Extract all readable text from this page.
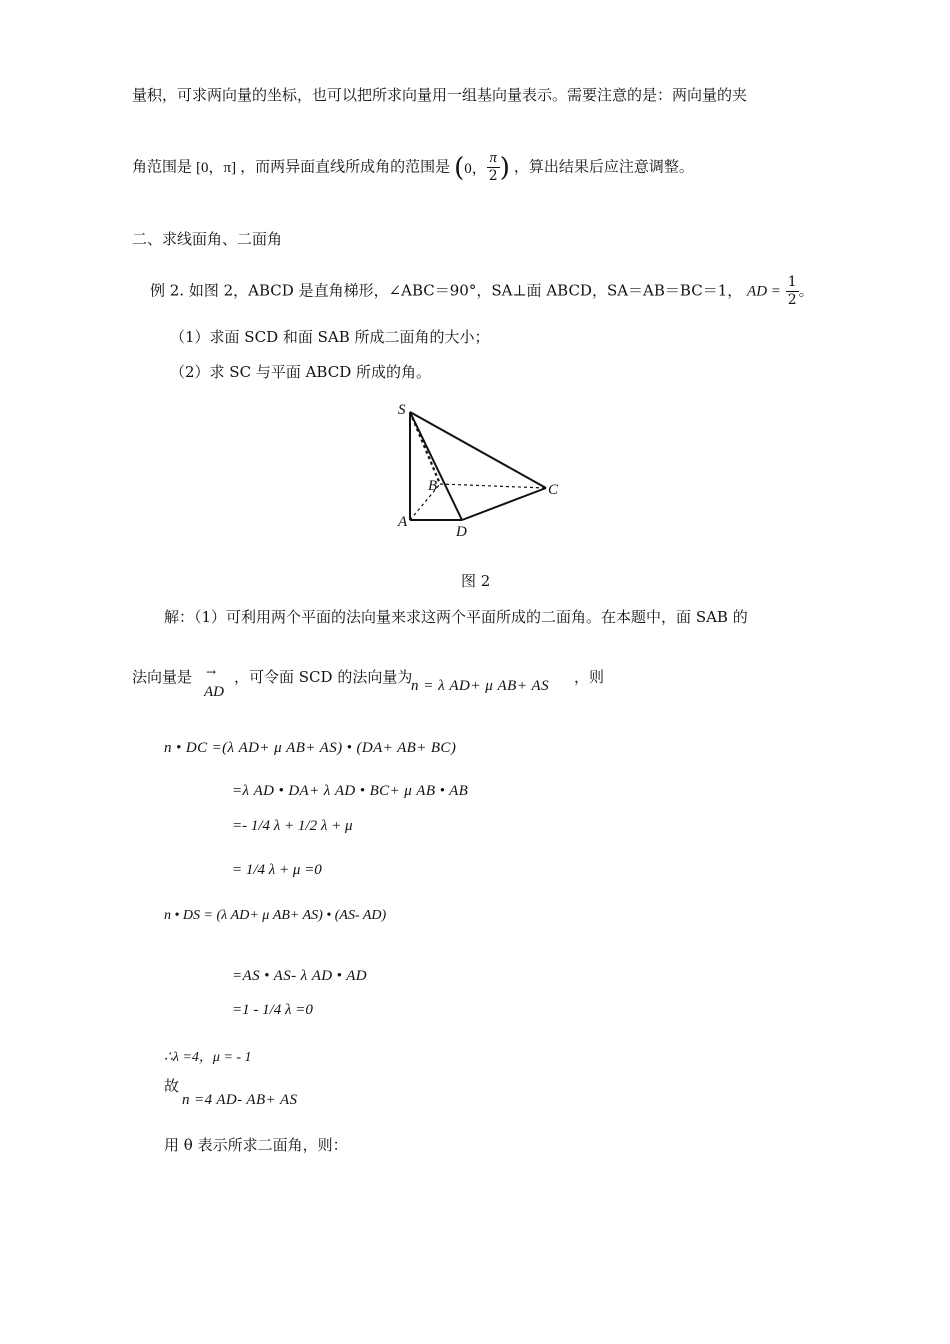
量积，可求两向量的坐标，也可以把所求向量用一组基向量表示。需要注意的是：两向量的夹
角范围是 [0，π] ，而两异面直线所成角的范围是 ( 0， $\frac{\pi}{2}$ ) ，算出结果后应注意调整。
二、求线面角、二面角
例 2. 如图 2，ABCD 是直角梯形，∠ABC＝90°，SA⊥面 ABCD，SA＝AB＝BC＝1， AD = $\frac{1}{2}$ 。
（1）求面 SCD 和面 SAB 所成二面角的大小；
（2）求 SC 与平面 ABCD 所成的角。
S
B	C
A
D
图 2
解：（1）可利用两个平面的法向量来求这两个平面所成的二面角。在本题中，面 SAB 的
法向量是 →
AD
，可令面 SCD 的法向量为
n = λ AD+ μ AB+ AS ，则
n • DC =(λ AD+ μ AB+ AS) • (DA+ AB+ BC)
=λ AD • DA+ λ AD • BC+ μ AB • AB
=- 1/4 λ + 1/2 λ + μ
= 1/4 λ + μ =0
n • DS = (λ AD+ μ AB+ AS) • (AS- AD)
=AS • AS- λ AD • AD
=1 - 1/4 λ =0
∴λ =4，μ = - 1
故
n =4 AD- AB+ AS
用 θ 表示所求二面角，则：
